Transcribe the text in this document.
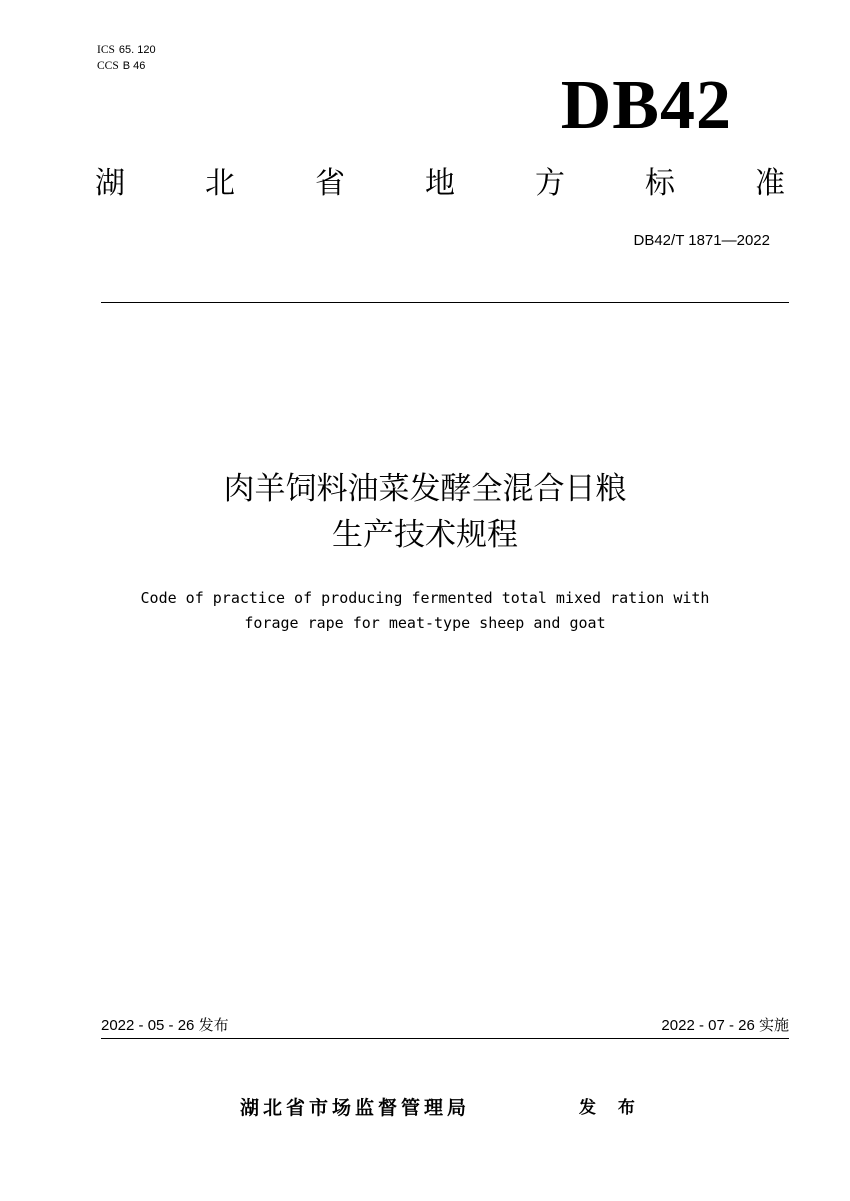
ICS 65. 120
CCS B 46
DB42
湖	北	省	地	方	标	准
DB42/T 1871—2022
肉羊饲料油菜发酵全混合日粮
生产技术规程
Code of practice of producing fermented total mixed ration with
forage rape for meat-type sheep and goat
2022 - 05 - 26 发布	2022 - 07 - 26 实施
湖北省市场监督管理局	发 布
